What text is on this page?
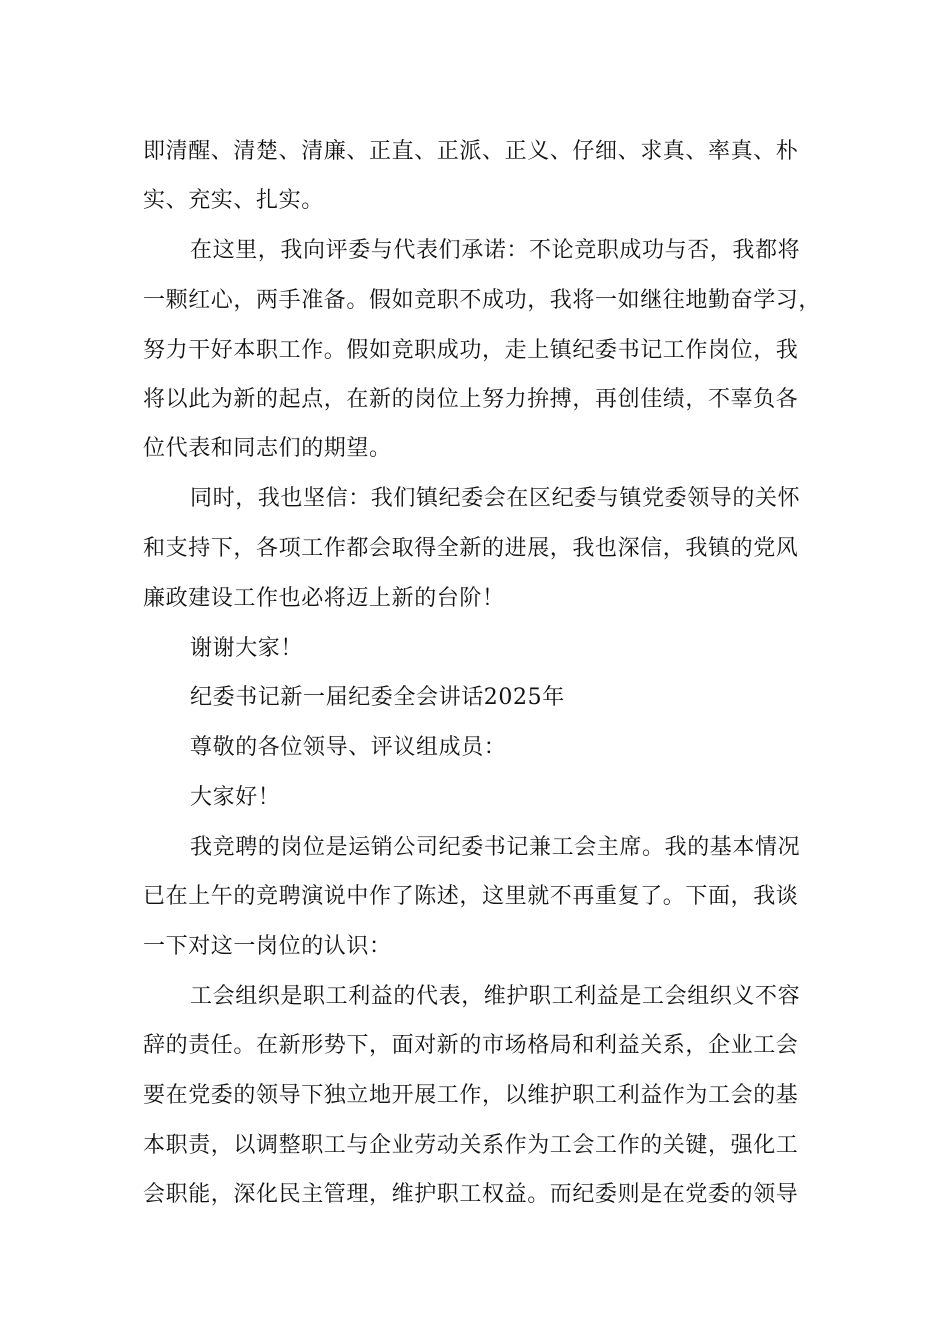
即清醒、清楚、清廉、正直、正派、正义、仔细、求真、率真、朴
实、充实、扎实。
在这里，我向评委与代表们承诺：不论竞职成功与否，我都将
一颗红心，两手准备。假如竞职不成功，我将一如继往地勤奋学习，
努力干好本职工作。假如竞职成功，走上镇纪委书记工作岗位，我
将以此为新的起点，在新的岗位上努力拚搏，再创佳绩，不辜负各
位代表和同志们的期望。
同时，我也坚信：我们镇纪委会在区纪委与镇党委领导的关怀
和支持下，各项工作都会取得全新的进展，我也深信，我镇的党风
廉政建设工作也必将迈上新的台阶！
谢谢大家！
纪委书记新一届纪委全会讲话2025年
尊敬的各位领导、评议组成员：
大家好！
我竞聘的岗位是运销公司纪委书记兼工会主席。我的基本情况
已在上午的竞聘演说中作了陈述，这里就不再重复了。下面，我谈
一下对这一岗位的认识：
工会组织是职工利益的代表，维护职工利益是工会组织义不容
辞的责任。在新形势下，面对新的市场格局和利益关系，企业工会
要在党委的领导下独立地开展工作，以维护职工利益作为工会的基
本职责，以调整职工与企业劳动关系作为工会工作的关键，强化工
会职能，深化民主管理，维护职工权益。而纪委则是在党委的领导
